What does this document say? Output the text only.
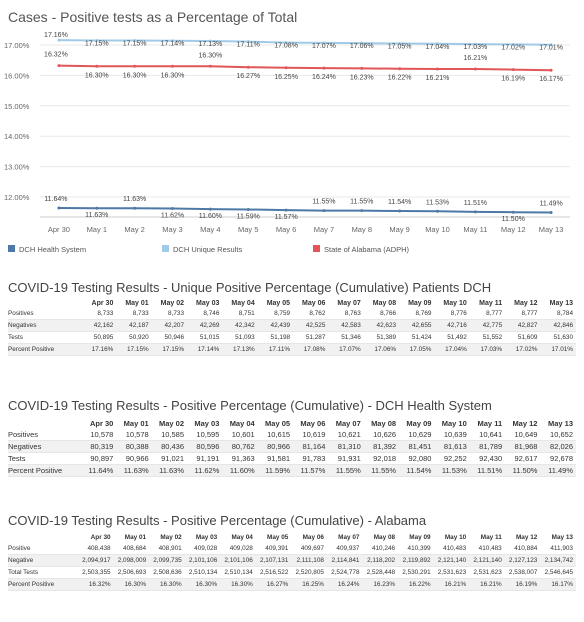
Cases - Positive tests as a Percentage of Total
17.00%
16.00%
15.00%
14.00%
13.00%
12.00%
Apr 30 May 1 May 2 May 3 May 4 May 5 May 6 May 7 May 8 May 9 May 10 May 11 May 12 May 13
11.64%
11.63%
11.63%
11.62% 11.60% 11.59% 11.57%
11.55% 11.55% 11.54% 11.53% 11.51%
11.50%
11.49%
17.16%
17.15% 17.15% 17.14% 17.13% 17.11% 17.08% 17.07% 17.06% 17.05% 17.04% 17.03% 17.02% 17.01%
16.32%
16.30% 16.30% 16.30%
16.30%
16.27% 16.25% 16.24% 16.23% 16.22% 16.21%
16.21%
16.19% 16.17%
DCH Health System	DCH Unique Results	State of Alabama (ADPH)
COVID-19 Testing Results - Unique Positive Percentage (Cumulative) Patients DCH
	Apr 30	May 01	May 02	May 03	May 04	May 05	May 06	May 07	May 08	May 09	May 10	May 11	May 12	May 13
Positives	8,733	8,733	8,733	8,746	8,751	8,759	8,762	8,763	8,766	8,769	8,776	8,777	8,777	8,784
Negatives	42,162	42,187	42,207	42,269	42,342	42,439	42,525	42,583	42,623	42,655	42,716	42,775	42,827	42,846
Tests	50,895	50,920	50,946	51,015	51,093	51,198	51,287	51,346	51,389	51,424	51,492	51,552	51,609	51,630
Percent Positive	17.16%	17.15%	17.15%	17.14%	17.13%	17.11%	17.08%	17.07%	17.06%	17.05%	17.04%	17.03%	17.02%	17.01%
COVID-19 Testing Results - Positive Percentage (Cumulative) - DCH Health System
	Apr 30	May 01	May 02	May 03	May 04	May 05	May 06	May 07	May 08	May 09	May 10	May 11	May 12	May 13
Positives	10,578	10,578	10,585	10,595	10,601	10,615	10,619	10,621	10,626	10,629	10,639	10,641	10,649	10,652
Negatives	80,319	80,388	80,436	80,596	80,762	80,966	81,164	81,310	81,392	81,451	81,613	81,789	81,968	82,026
Tests	90,897	90,966	91,021	91,191	91,363	91,581	91,783	91,931	92,018	92,080	92,252	92,430	92,617	92,678
Percent Positive	11.64%	11.63%	11.63%	11.62%	11.60%	11.59%	11.57%	11.55%	11.55%	11.54%	11.53%	11.51%	11.50%	11.49%
COVID-19 Testing Results - Positive Percentage (Cumulative) - Alabama
	Apr 30	May 01	May 02	May 03	May 04	May 05	May 06	May 07	May 08	May 09	May 10	May 11	May 12	May 13
Positive	408,438	408,684	408,901	409,028	409,028	409,391	409,697	409,937	410,246	410,399	410,483	410,483	410,884	411,903
Negative	2,094,917	2,098,009	2,099,735	2,101,106	2,101,106	2,107,131	2,111,108	2,114,841	2,118,202	2,119,892	2,121,140	2,121,140	2,127,123	2,134,742
Total Tests	2,503,355	2,506,693	2,508,636	2,510,134	2,510,134	2,516,522	2,520,805	2,524,778	2,528,448	2,530,291	2,531,623	2,531,623	2,538,007	2,546,645
Percent Positive	16.32%	16.30%	16.30%	16.30%	16.30%	16.27%	16.25%	16.24%	16.23%	16.22%	16.21%	16.21%	16.19%	16.17%
